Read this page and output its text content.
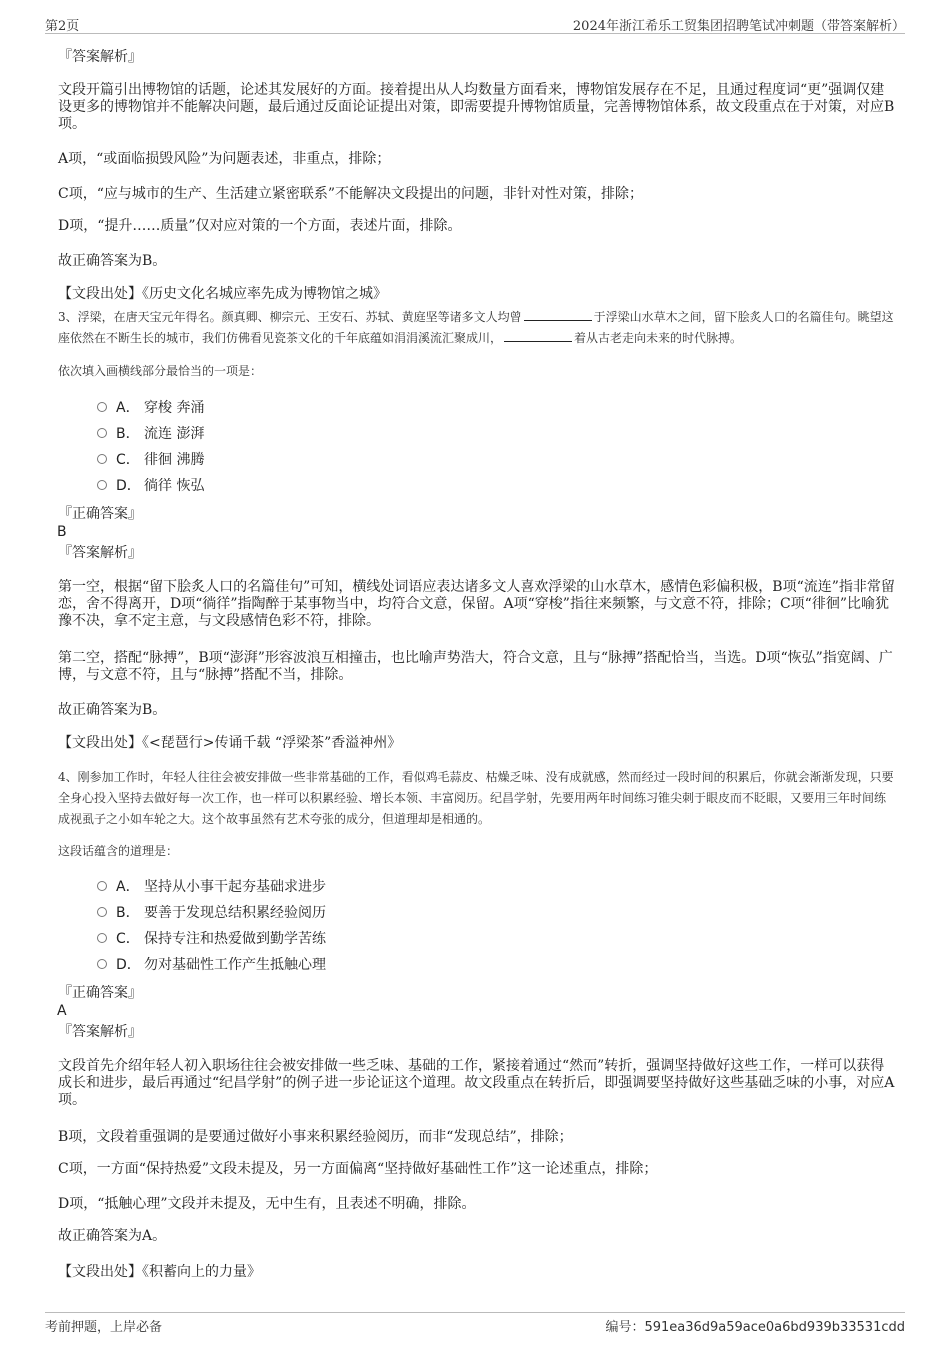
第2页	2024年浙江希乐工贸集团招聘笔试冲刺题（带答案解析）
『答案解析』

文段开篇引出博物馆的话题，论述其发展好的方面。接着提出从人均数量方面看来，博物馆发展存在不足，且通过程度词“更”强调仅建设更多的博物馆并不能解决问题，最后通过反面论证提出对策，即需要提升博物馆质量，完善博物馆体系，故文段重点在于对策，对应B项。

A项，“或面临损毁风险”为问题表述，非重点，排除；

C项，“应与城市的生产、生活建立紧密联系”不能解决文段提出的问题，非针对性对策，排除；

D项，“提升……质量”仅对应对策的一个方面，表述片面，排除。

故正确答案为B。

【文段出处】《历史文化名城应率先成为博物馆之城》

3、浮梁，在唐天宝元年得名。颜真卿、柳宗元、王安石、苏轼、黄庭坚等诸多文人均曾	于浮梁山水草木之间，留下脍炙人口的名篇佳句。眺望这座依然在不断生长的城市，我们仿佛看见瓷茶文化的千年底蕴如涓涓溪流汇聚成川，	着从古老走向未来的时代脉搏。

依次填入画横线部分最恰当的一项是：
A． 穿梭 奔涌
B． 流连 澎湃
C． 徘徊 沸腾
D． 徜徉 恢弘
『正确答案』
B
『答案解析』

第一空，根据“留下脍炙人口的名篇佳句”可知，横线处词语应表达诸多文人喜欢浮梁的山水草木，感情色彩偏积极，B项“流连”指非常留恋，舍不得离开，D项“徜徉”指陶醉于某事物当中，均符合文意，保留。A项“穿梭”指往来频繁，与文意不符，排除；C项“徘徊”比喻犹豫不决，拿不定主意，与文段感情色彩不符，排除。

第二空，搭配“脉搏”，B项“澎湃”形容波浪互相撞击，也比喻声势浩大，符合文意，且与“脉搏”搭配恰当，当选。D项“恢弘”指宽阔、广博，与文意不符，且与“脉搏”搭配不当，排除。

故正确答案为B。

【文段出处】《<琵琶行>传诵千载 “浮梁茶”香溢神州》

4、刚参加工作时，年轻人往往会被安排做一些非常基础的工作，看似鸡毛蒜皮、枯燥乏味、没有成就感，然而经过一段时间的积累后，你就会渐渐发现，只要全身心投入坚持去做好每一次工作，也一样可以积累经验、增长本领、丰富阅历。纪昌学射，先要用两年时间练习锥尖刺于眼皮而不眨眼，又要用三年时间练成视虱子之小如车轮之大。这个故事虽然有艺术夸张的成分，但道理却是相通的。

这段话蕴含的道理是：
A． 坚持从小事干起夯基础求进步
B． 要善于发现总结积累经验阅历
C． 保持专注和热爱做到勤学苦练
D． 勿对基础性工作产生抵触心理
『正确答案』
A
『答案解析』

文段首先介绍年轻人初入职场往往会被安排做一些乏味、基础的工作，紧接着通过“然而”转折，强调坚持做好这些工作，一样可以获得成长和进步，最后再通过“纪昌学射”的例子进一步论证这个道理。故文段重点在转折后，即强调要坚持做好这些基础乏味的小事，对应A项。

B项，文段着重强调的是要通过做好小事来积累经验阅历，而非“发现总结”，排除；

C项，一方面“保持热爱”文段未提及，另一方面偏离“坚持做好基础性工作”这一论述重点，排除；

D项，“抵触心理”文段并未提及，无中生有，且表述不明确，排除。

故正确答案为A。

【文段出处】《积蓄向上的力量》
考前押题，上岸必备	编号：591ea36d9a59ace0a6bd939b33531cdd
